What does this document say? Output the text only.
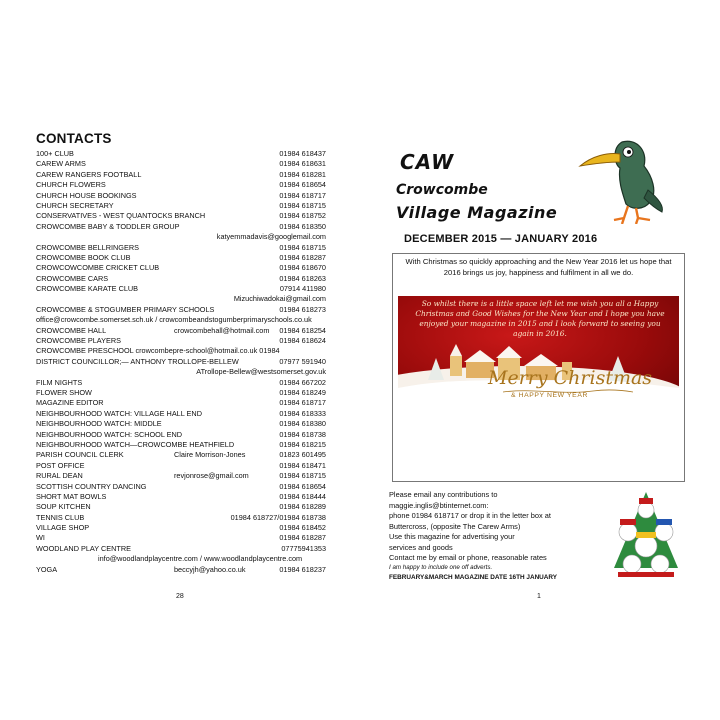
CONTACTS
100+ CLUB	01984 618437
CAREW ARMS	01984 618631
CAREW RANGERS FOOTBALL	01984 618281
CHURCH FLOWERS	01984 618654
CHURCH HOUSE BOOKINGS	01984 618717
CHURCH SECRETARY	01984 618715
CONSERVATIVES - WEST QUANTOCKS BRANCH	01984 618752
CROWCOMBE BABY & TODDLER GROUP	01984 618350
katyemmadavis@googlemail.com
CROWCOMBE BELLRINGERS	01984 618715
CROWCOMBE BOOK CLUB	01984 618287
CROWCOWCOMBE CRICKET CLUB	01984 618670
CROWCOMBE CARS	01984 618263
CROWCOMBE KARATE CLUB	07914 411980
Mizuchiwadokai@gmail.com
CROWCOMBE & STOGUMBER PRIMARY SCHOOLS	01984 618273
office@crowcombe.somerset.sch.uk / crowcombeandstogumberprimaryschools.co.uk
CROWCOMBE HALL	crowcombehall@hotmail.com 01984 618254
CROWCOMBE PLAYERS	01984 618624
CROWCOMBE PRESCHOOL crowcombepre-school@hotmail.co.uk 01984
DISTRICT COUNCILLOR;— ANTHONY TROLLOPE-BELLEW	07977 591940
ATrollope-Bellew@westsomerset.gov.uk
FILM NIGHTS	01984 667202
FLOWER SHOW	01984 618249
MAGAZINE EDITOR	01984 618717
NEIGHBOURHOOD WATCH: VILLAGE HALL END	01984 618333
NEIGHBOURHOOD WATCH: MIDDLE	01984 618380
NEIGHBOURHOOD WATCH: SCHOOL END	01984 618738
NEIGHBOURHOOD WATCH—CROWCOMBE HEATHFIELD	01984 618215
PARISH COUNCIL CLERK	Claire Morrison-Jones	01823 601495
POST OFFICE	01984 618471
RURAL DEAN	revjonrose@gmail.com	01984 618715
SCOTTISH COUNTRY DANCING	01984 618654
SHORT MAT BOWLS	01984 618444
SOUP KITCHEN	01984 618289
TENNIS CLUB	01984 618727/01984 618738
VILLAGE SHOP	01984 618452
WI	01984 618287
WOODLAND PLAY CENTRE	07775941353
info@woodlandplaycentre.com / www.woodlandplaycentre.com
YOGA	beccyjh@yahoo.co.uk	01984 618237
28
CAW
Crowcombe
Village Magazine
DECEMBER 2015 — JANUARY 2016
With Christmas so quickly approaching and the New Year 2016 let us hope that 2016 brings us joy, happiness and fulfilment in all we do.
So whilst there is a little space left let me wish you all a Happy Christmas and Good Wishes for the New Year and I hope you have enjoyed your magazine in 2015 and I look forward to seeing you again in 2016.
Merry Christmas
& HAPPY NEW YEAR
Please email any contributions to
maggie.inglis@btinternet.com:
phone 01984 618717 or drop it in the letter box at
Buttercross, (opposite The Carew Arms)
Use this magazine for advertising your
services and goods
Contact me by email or phone, reasonable rates
I am happy to include one off adverts.
FEBRUARY&MARCH MAGAZINE DATE 16TH JANUARY
1
